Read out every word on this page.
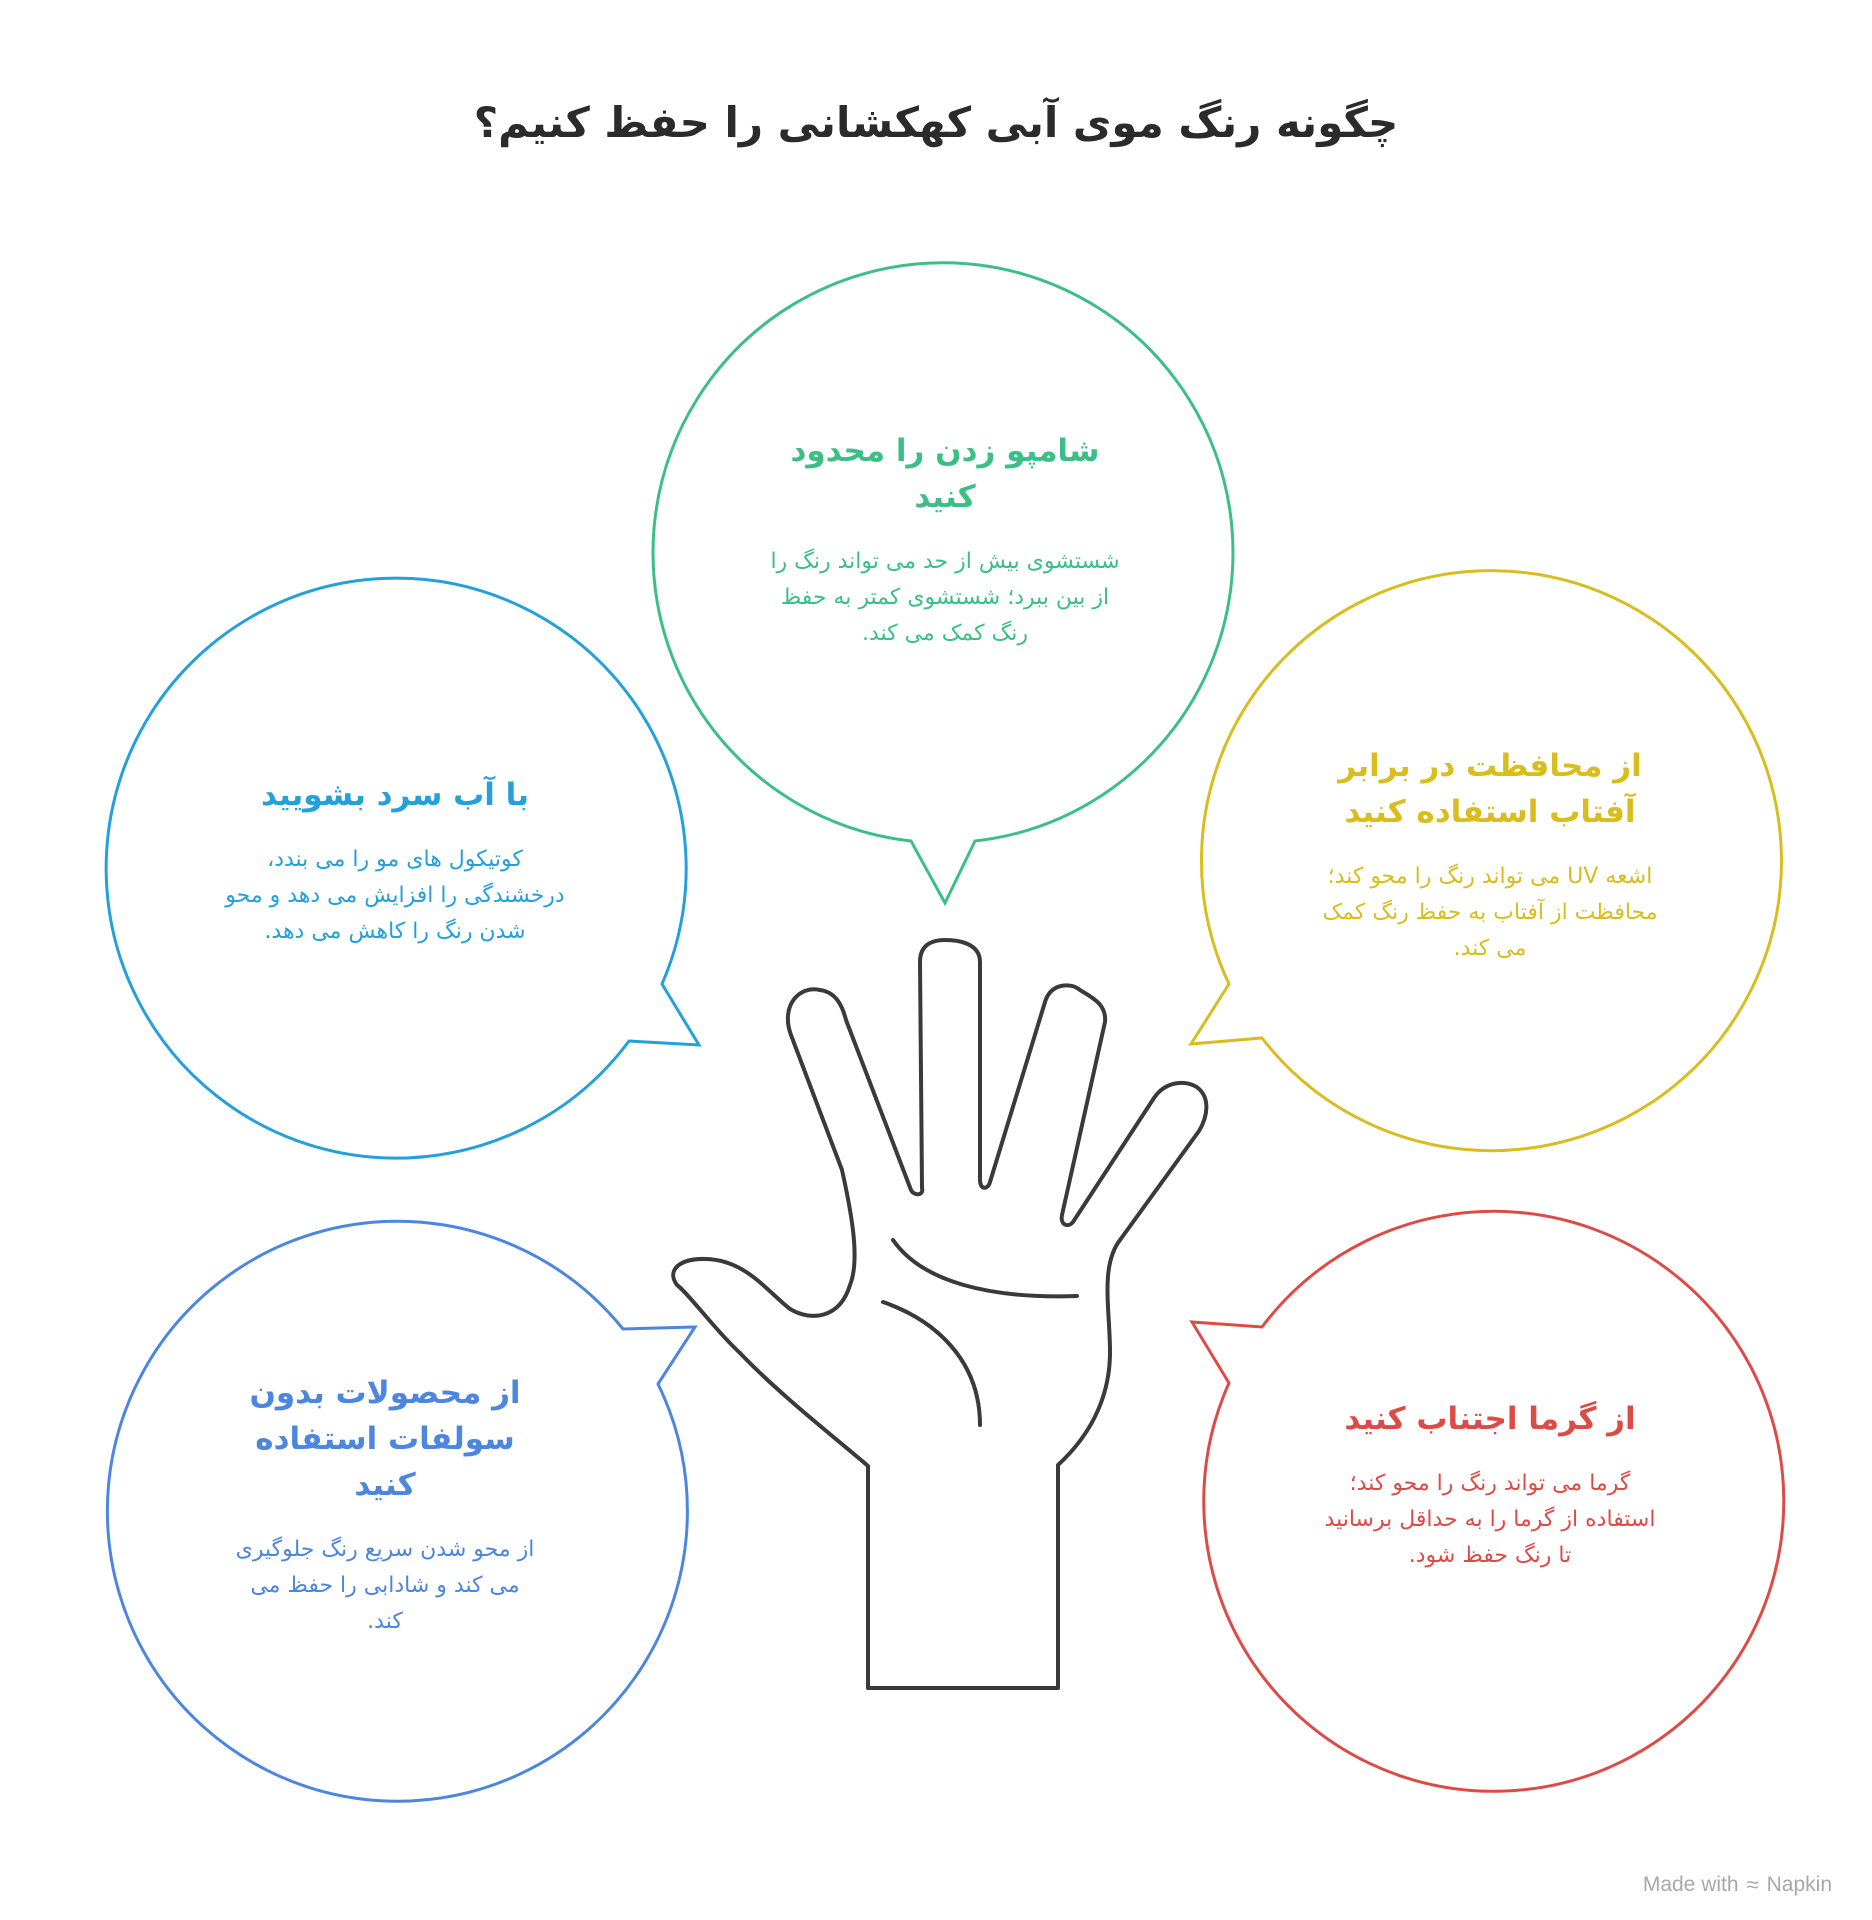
چگونه رنگ موی آبی کهکشانی را حفظ کنیم؟

شامپو زدن را محدود کنید

شستشوی بیش از حد می تواند رنگ را از بین ببرد؛ شستشوی کمتر به حفظ رنگ کمک می کند.

از محافظت در برابر آفتاب استفاده کنید

اشعه UV می تواند رنگ را محو کند؛ محافظت از آفتاب به حفظ رنگ کمک می کند.

از گرما اجتناب کنید

گرما می تواند رنگ را محو کند؛ استفاده از گرما را به حداقل برسانید تا رنگ حفظ شود.

از محصولات بدون سولفات استفاده کنید

از محو شدن سریع رنگ جلوگیری می کند و شادابی را حفظ می کند.

با آب سرد بشویید

کوتیکول های مو را می بندد، درخشندگی را افزایش می دهد و محو شدن رنگ را کاهش می دهد.

Made with ≈ Napkin
